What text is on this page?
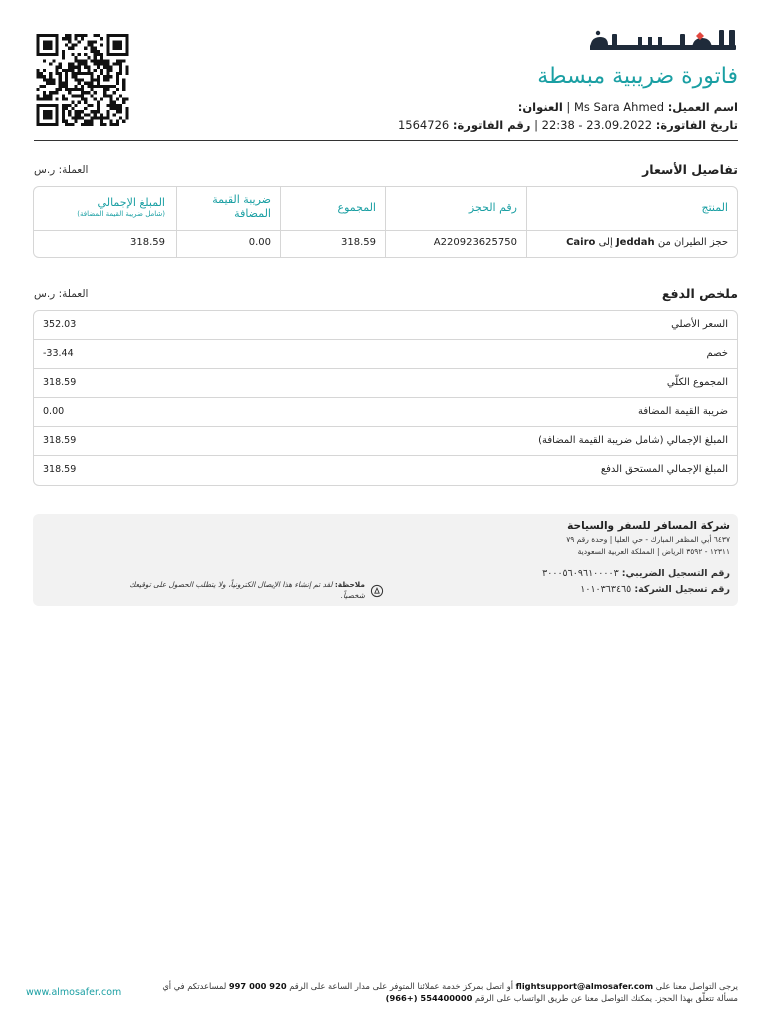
المسافر
فاتورة ضريبية مبسطة
اسم العميل: Ms Sara Ahmed | العنوان:
تاريخ الفاتورة: 22:38 - 23.09.2022 | رقم الفاتورة: 1564726
تفاصيل الأسعار
العملة: ر.س
المنتج
رقم الحجز
المجموع
ضريبة القيمة المضافة
المبلغ الإجمالي
(شامل ضريبة القيمة المضافة)
حجز الطيران من Jeddah إلى Cairo
A220923625750
318.59
0.00
318.59
ملخص الدفع
العملة: ر.س
السعر الأصلي
352.03
خصم
-33.44
المجموع الكلّي
318.59
ضريبة القيمة المضافة
0.00
المبلغ الإجمالي (شامل ضريبة القيمة المضافة)
318.59
المبلغ الإجمالي المستحق الدفع
318.59
شركة المسافر للسفر والسياحة
٦٤٣٧ أبي المظفر المبارك - حي العليا | وحدة رقم ٧٩
١٢٣١١ - ٣٥٩٢ الرياض | المملكة العربية السعودية
رقم التسجيل الضريبي: ٣٠٠٠٥٦٠٩٦١٠٠٠٠٣
رقم تسجيل الشركة: ١٠١٠٣٦٣٤٦٥
ملاحظة: لقد تم إنشاء هذا الإيصال الكترونياً، ولا يتطلب الحصول على توقيعك
شخصياً.
www.almosafer.com
يرجى التواصل معنا على flightsupport@almosafer.com أو اتصل بمركز خدمة عملائنا المتوفر على مدار الساعة على الرقم 997 000 920 لمساعدتكم في أي
مسألة تتعلّق بهذا الحجز. يمكنك التواصل معنا عن طريق الواتساب على الرقم (966+) 554400000
